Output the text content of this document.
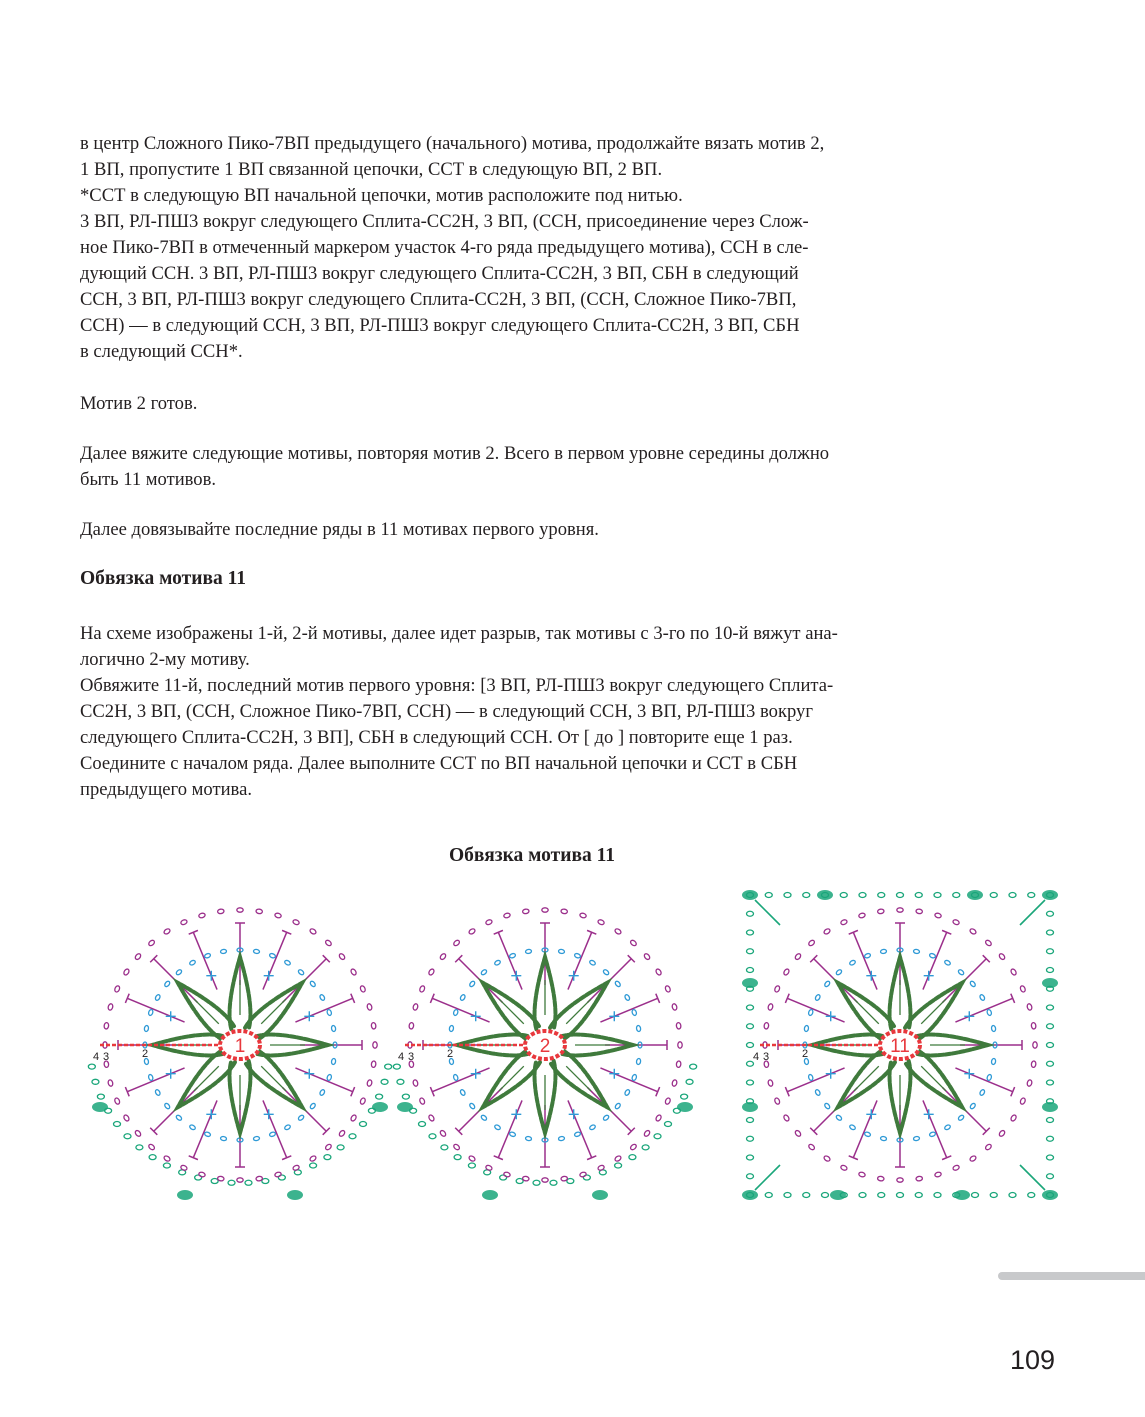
в центр Сложного Пико-7ВП предыдущего (начального) мотива, продолжайте вязать мотив 2,
1 ВП, пропустите 1 ВП связанной цепочки, ССТ в следующую ВП, 2 ВП.
*ССТ в следующую ВП начальной цепочки, мотив расположите под нитью.
3 ВП, РЛ-ПШ3 вокруг следующего Сплита-СС2Н, 3 ВП, (ССН, присоединение через Слож-
ное Пико-7ВП в отмеченный маркером участок 4-го ряда предыдущего мотива), ССН в сле-
дующий ССН. 3 ВП, РЛ-ПШ3 вокруг следующего Сплита-СС2Н, 3 ВП, СБН в следующий
ССН, 3 ВП, РЛ-ПШ3 вокруг следующего Сплита-СС2Н, 3 ВП, (ССН, Сложное Пико-7ВП,
ССН) — в следующий ССН, 3 ВП, РЛ-ПШ3 вокруг следующего Сплита-СС2Н, 3 ВП, СБН
в следующий ССН*.
Мотив 2 готов.
Далее вяжите следующие мотивы, повторяя мотив 2. Всего в первом уровне середины должно
быть 11 мотивов.
Далее довязывайте последние ряды в 11 мотивах первого уровня.
Обвязка мотива 11
На схеме изображены 1-й, 2-й мотивы, далее идет разрыв, так мотивы с 3-го по 10-й вяжут ана-
логично 2-му мотиву.
Обвяжите 11-й, последний мотив первого уровня: [3 ВП, РЛ-ПШ3 вокруг следующего Сплита-
СС2Н, 3 ВП, (ССН, Сложное Пико-7ВП, ССН) — в следующий ССН, 3 ВП, РЛ-ПШ3 вокруг
следующего Сплита-СС2Н, 3 ВП], СБН в следующий ССН. От [ до ] повторите еще 1 раз.
Соедините с началом ряда. Далее выполните ССТ по ВП начальной цепочки и ССТ в СБН
предыдущего мотива.
Обвязка мотива 11
1
4 3	2	2
4 3	2	11
4 3	2
109
